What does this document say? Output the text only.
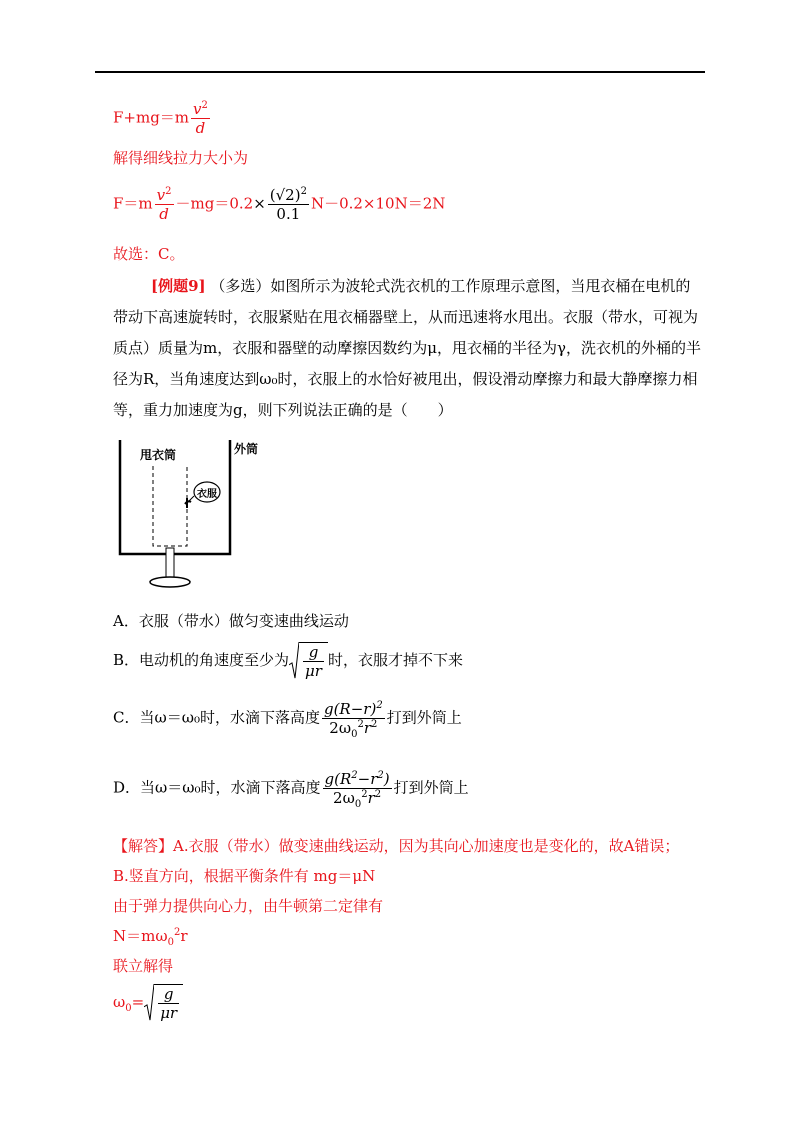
$F+mg=m \frac{v^2}{d}$
解得细线拉力大小为
$F=m \frac{v^2}{d} -mg=0.2\times \frac{(√2)^2}{0.1} N-0.2\times 10N=2N$
故选：C。
[例题9] （多选）如图所示为波轮式洗衣机的工作原理示意图，当甩衣桶在电机的带动下高速旋转时，衣服紧贴在甩衣桶器壁上，从而迅速将水甩出。衣服（带水，可视为质点）质量为m，衣服和器壁的动摩擦因数约为μ，甩衣桶的半径为γ，洗衣机的外桶的半径为R，当角速度达到ω₀时，衣服上的水恰好被甩出，假设滑动摩擦力和最大静摩擦力相等，重力加速度为g，则下列说法正确的是（　　）
甩衣筒	外筒
衣服
A．衣服（带水）做匀变速曲线运动
B．电动机的角速度至少为 $\frac{g}{\mu r}$ 时，衣服才掉不下来
C．当ω＝ω₀时，水滴下落高度 $\frac{g(R-r)^2}{2\omega_0^2r^2}$ 打到外筒上
D．当ω＝ω₀时，水滴下落高度 $\frac{g(R^2-r^2)}{2\omega_0^2r^2}$ 打到外筒上
【解答】A.衣服（带水）做变速曲线运动，因为其向心加速度也是变化的，故A错误；
B.竖直方向，根据平衡条件有 mg＝μN
由于弹力提供向心力，由牛顿第二定律有
$N=m\omega_0^2r$
联立解得
$\omega_0= \frac{g}{\mu r}$
